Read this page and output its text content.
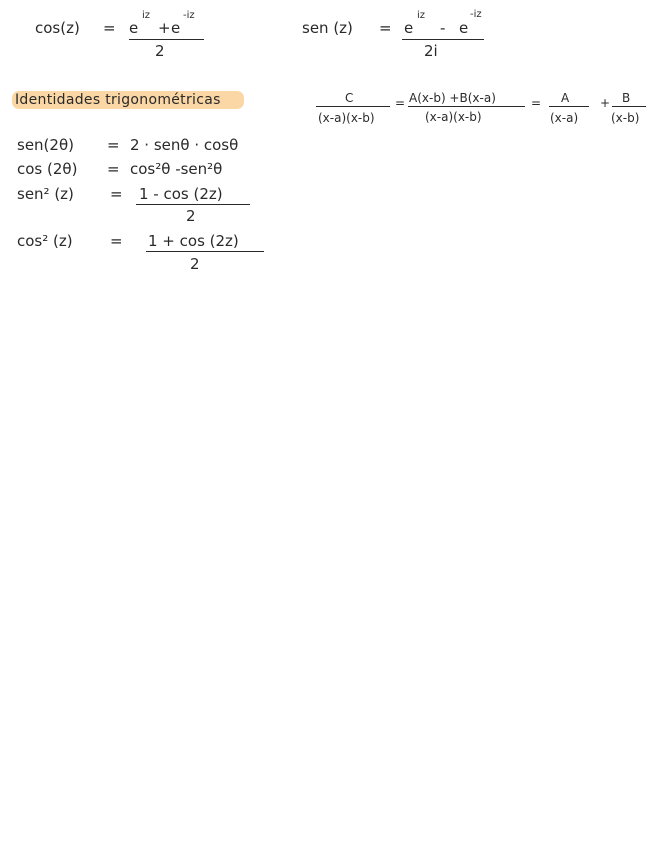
cos(z) = e
iz
+ e
-iz
2
sen (z) = e
iz
- e
-iz
2i
Identidades trigonométricas	C
(x-a)(x-b)
= A(x-b) +B(x-a)
(x-a)(x-b)
= A
(x-a)
+ B
(x-b)
sen(2θ) = 2 · senθ · cosθ
cos (2θ) = cos²θ -sen²θ
sen² (z) = 1 - cos (2z)
2
cos² (z) = 1 + cos (2z)
2
